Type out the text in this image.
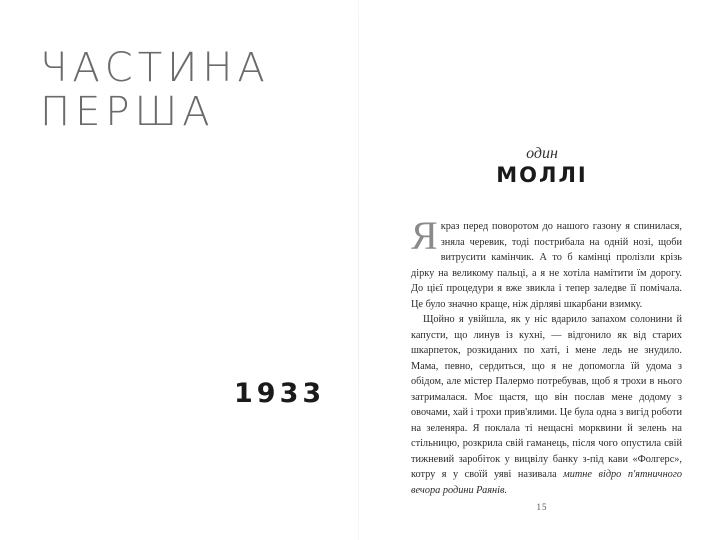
ЧАСТИНА
ПЕРША
1933
один
МОЛЛІ

Якраз перед поворотом до нашого газону я спинилася, зняла черевик, тоді пострибала на одній нозі, щоби витрусити камінчик. А то б камінці пролізли крізь дірку на великому пальці, а я не хотіла намітити їм дорогу. До цієї процедури я вже звикла і тепер заледве її помічала. Це було значно краще, ніж дірляві шкарбани взимку.

Щойно я увійшла, як у ніс вдарило запахом солонини й капусти, що линув із кухні, — відгонило як від старих шкарпеток, розкиданих по хаті, і мене ледь не знудило. Мама, певно, сердиться, що я не допомогла їй удома з обідом, але містер Палермо потребував, щоб я трохи в нього затрималася. Моє щастя, що він послав мене додому з овочами, хай і трохи прив'ялими. Це була одна з вигід роботи на зеленяра. Я поклала ті нещасні морквини й зелень на стільницю, розкрила свій гаманець, після чого опустила свій тижневий заробіток у вицвілу банку з-під кави «Фолгерс», котру я у своїй уяві називала митне відро п'ятничного вечора родини Раянів.

15
